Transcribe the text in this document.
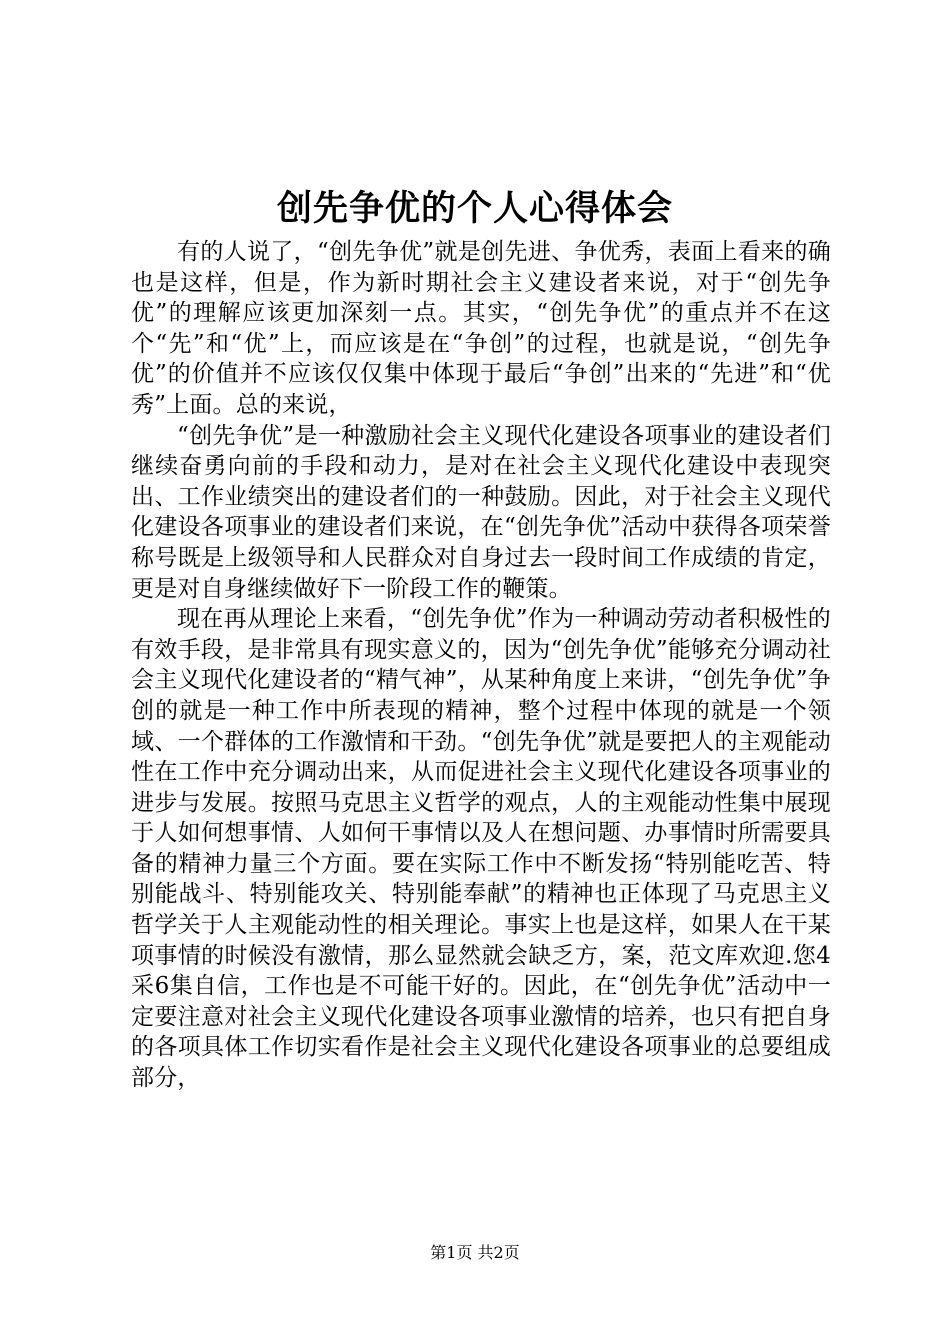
创先争优的个人心得体会

有的人说了，“创先争优”就是创先进、争优秀，表面上看来的确也是这样，但是，作为新时期社会主义建设者来说，对于“创先争优”的理解应该更加深刻一点。其实，“创先争优”的重点并不在这个“先”和“优”上，而应该是在“争创”的过程，也就是说，“创先争优”的价值并不应该仅仅集中体现于最后“争创”出来的“先进”和“优秀”上面。总的来说，

“创先争优”是一种激励社会主义现代化建设各项事业的建设者们继续奋勇向前的手段和动力，是对在社会主义现代化建设中表现突出、工作业绩突出的建设者们的一种鼓励。因此，对于社会主义现代化建设各项事业的建设者们来说，在“创先争优”活动中获得各项荣誉称号既是上级领导和人民群众对自身过去一段时间工作成绩的肯定，更是对自身继续做好下一阶段工作的鞭策。

现在再从理论上来看，“创先争优”作为一种调动劳动者积极性的有效手段，是非常具有现实意义的，因为“创先争优”能够充分调动社会主义现代化建设者的“精气神”，从某种角度上来讲，“创先争优”争创的就是一种工作中所表现的精神，整个过程中体现的就是一个领域、一个群体的工作激情和干劲。“创先争优”就是要把人的主观能动性在工作中充分调动出来，从而促进社会主义现代化建设各项事业的进步与发展。按照马克思主义哲学的观点，人的主观能动性集中展现于人如何想事情、人如何干事情以及人在想问题、办事情时所需要具备的精神力量三个方面。要在实际工作中不断发扬“特别能吃苦、特别能战斗、特别能攻关、特别能奉献”的精神也正体现了马克思主义哲学关于人主观能动性的相关理论。事实上也是这样，如果人在干某项事情的时候没有激情，那么显然就会缺乏方，案，范文库欢迎.您4采6集自信，工作也是不可能干好的。因此，在“创先争优”活动中一定要注意对社会主义现代化建设各项事业激情的培养，也只有把自身的各项具体工作切实看作是社会主义现代化建设各项事业的总要组成部分，

第1页 共2页
